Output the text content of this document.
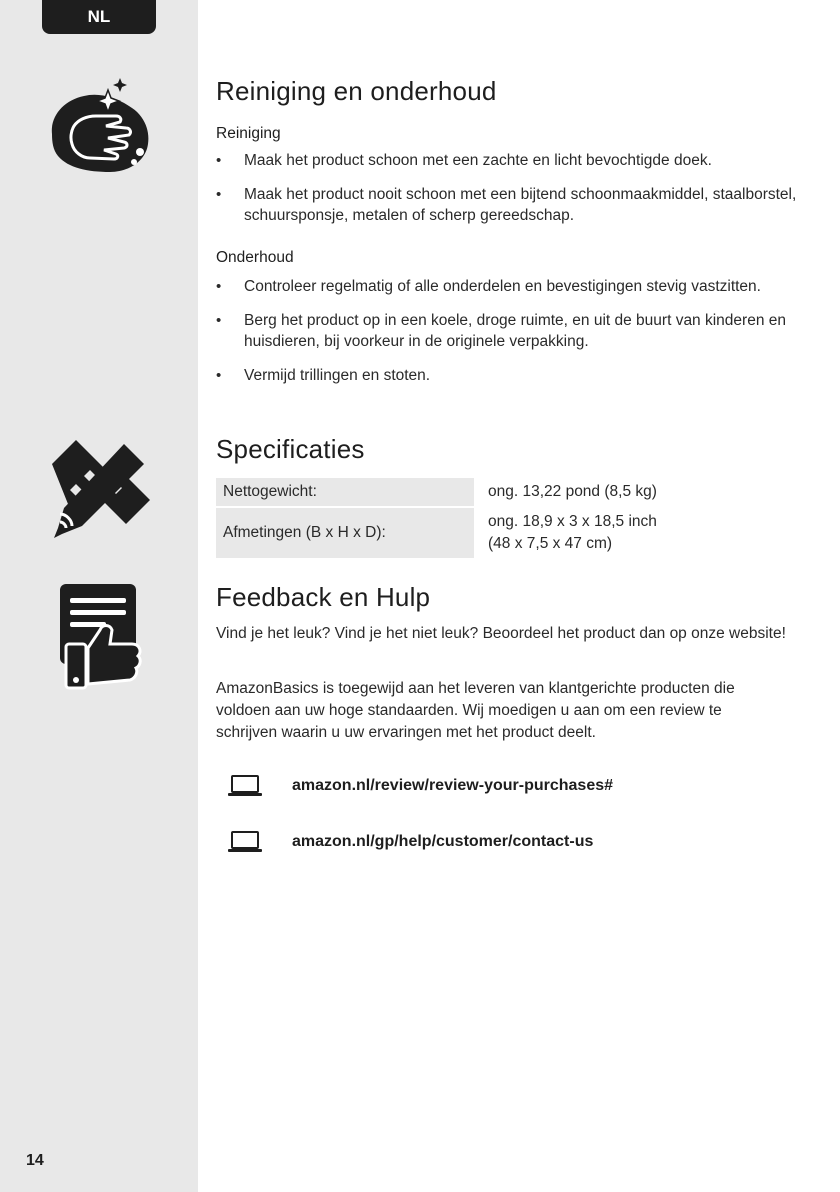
NL
14
Reiniging en onderhoud
Reiniging
• Maak het product schoon met een zachte en licht bevochtigde doek.
• Maak het product nooit schoon met een bijtend schoonmaakmiddel, staalborstel, schuursponsje, metalen of scherp gereedschap.
Onderhoud
• Controleer regelmatig of alle onderdelen en bevestigingen stevig vastzitten.
• Berg het product op in een koele, droge ruimte, en uit de buurt van kinderen en huisdieren, bij voorkeur in de originele verpakking.
• Vermijd trillingen en stoten.
Specificaties
Nettogewicht:	ong. 13,22 pond (8,5 kg)
Afmetingen (B x H x D):
ong. 18,9 x 3 x 18,5 inch
(48 x 7,5 x 47 cm)
Feedback en Hulp

Vind je het leuk? Vind je het niet leuk? Beoordeel het product dan op onze website!

AmazonBasics is toegewijd aan het leveren van klantgerichte producten die voldoen aan uw hoge standaarden. Wij moedigen u aan om een review te schrijven waarin u uw ervaringen met het product deelt.

amazon.nl/review/review-your-purchases#
amazon.nl/gp/help/customer/contact-us
